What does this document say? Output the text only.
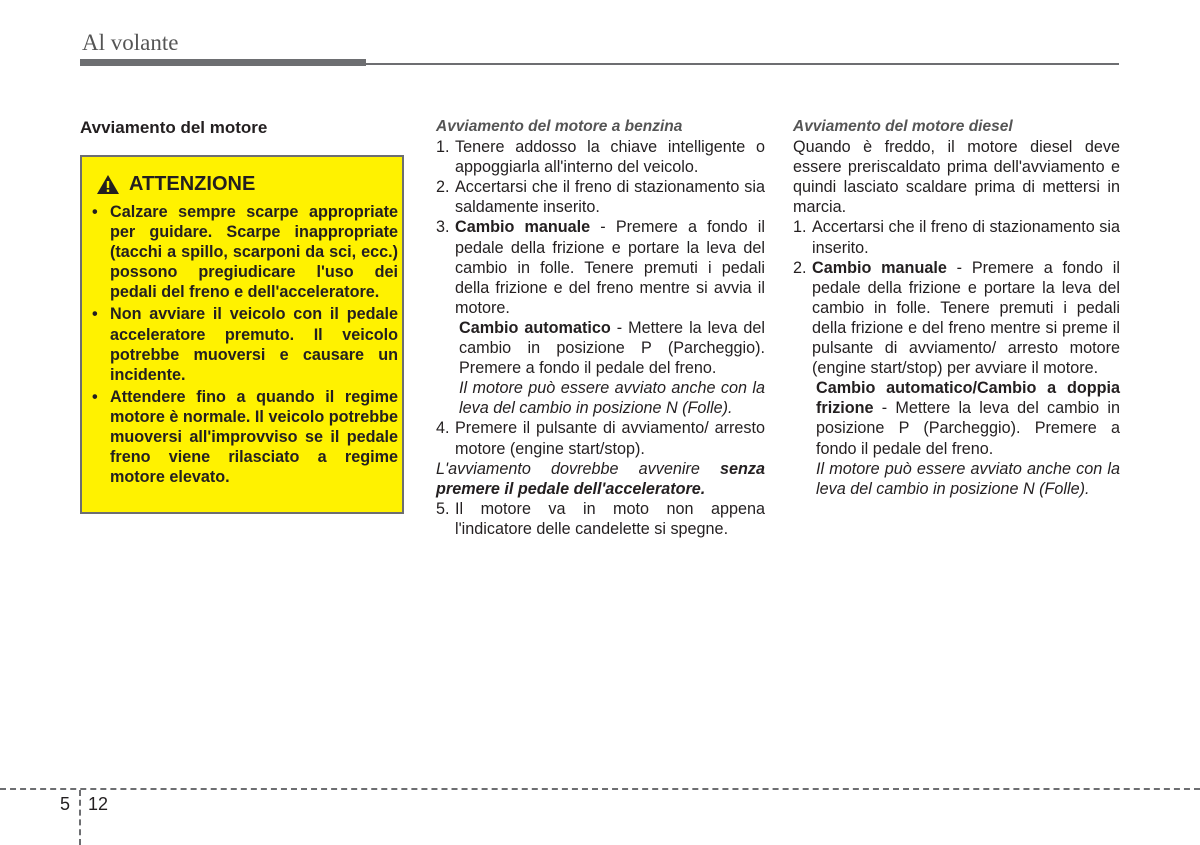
Al volante
Avviamento del motore
ATTENZIONE
• Calzare sempre scarpe appropriate per guidare. Scarpe inappropriate (tacchi a spillo, scarponi da sci, ecc.) possono pregiudicare l'uso dei pedali del freno e dell'acceleratore.
• Non avviare il veicolo con il pedale acceleratore premuto. Il veicolo potrebbe muoversi e causare un incidente.
• Attendere fino a quando il regime motore è normale. Il veicolo potrebbe muoversi all'improvviso se il pedale freno viene rilasciato a regime motore elevato.

Avviamento del motore a benzina

1. Tenere addosso la chiave intelligente o appoggiarla all'interno del veicolo.
2. Accertarsi che il freno di stazionamento sia saldamente inserito.
3. Cambio manuale - Premere a fondo il pedale della frizione e portare la leva del cambio in folle. Tenere premuti i pedali della frizione e del freno mentre si avvia il motore.

Cambio automatico - Mettere la leva del cambio in posizione P (Parcheggio). Premere a fondo il pedale del freno.

Il motore può essere avviato anche con la leva del cambio in posizione N (Folle).

4. Premere il pulsante di avviamento/ arresto motore (engine start/stop).

L'avviamento dovrebbe avvenire senza premere il pedale dell'acceleratore.

5. Il motore va in moto non appena l'indicatore delle candelette si spegne.

Avviamento del motore diesel

Quando è freddo, il motore diesel deve essere preriscaldato prima dell'avviamento e quindi lasciato scaldare prima di mettersi in marcia.

1. Accertarsi che il freno di stazionamento sia inserito.
2. Cambio manuale - Premere a fondo il pedale della frizione e portare la leva del cambio in folle. Tenere premuti i pedali della frizione e del freno mentre si preme il pulsante di avviamento/ arresto motore (engine start/stop) per avviare il motore.

Cambio automatico/Cambio a doppia frizione - Mettere la leva del cambio in posizione P (Parcheggio). Premere a fondo il pedale del freno.

Il motore può essere avviato anche con la leva del cambio in posizione N (Folle).

5 12
